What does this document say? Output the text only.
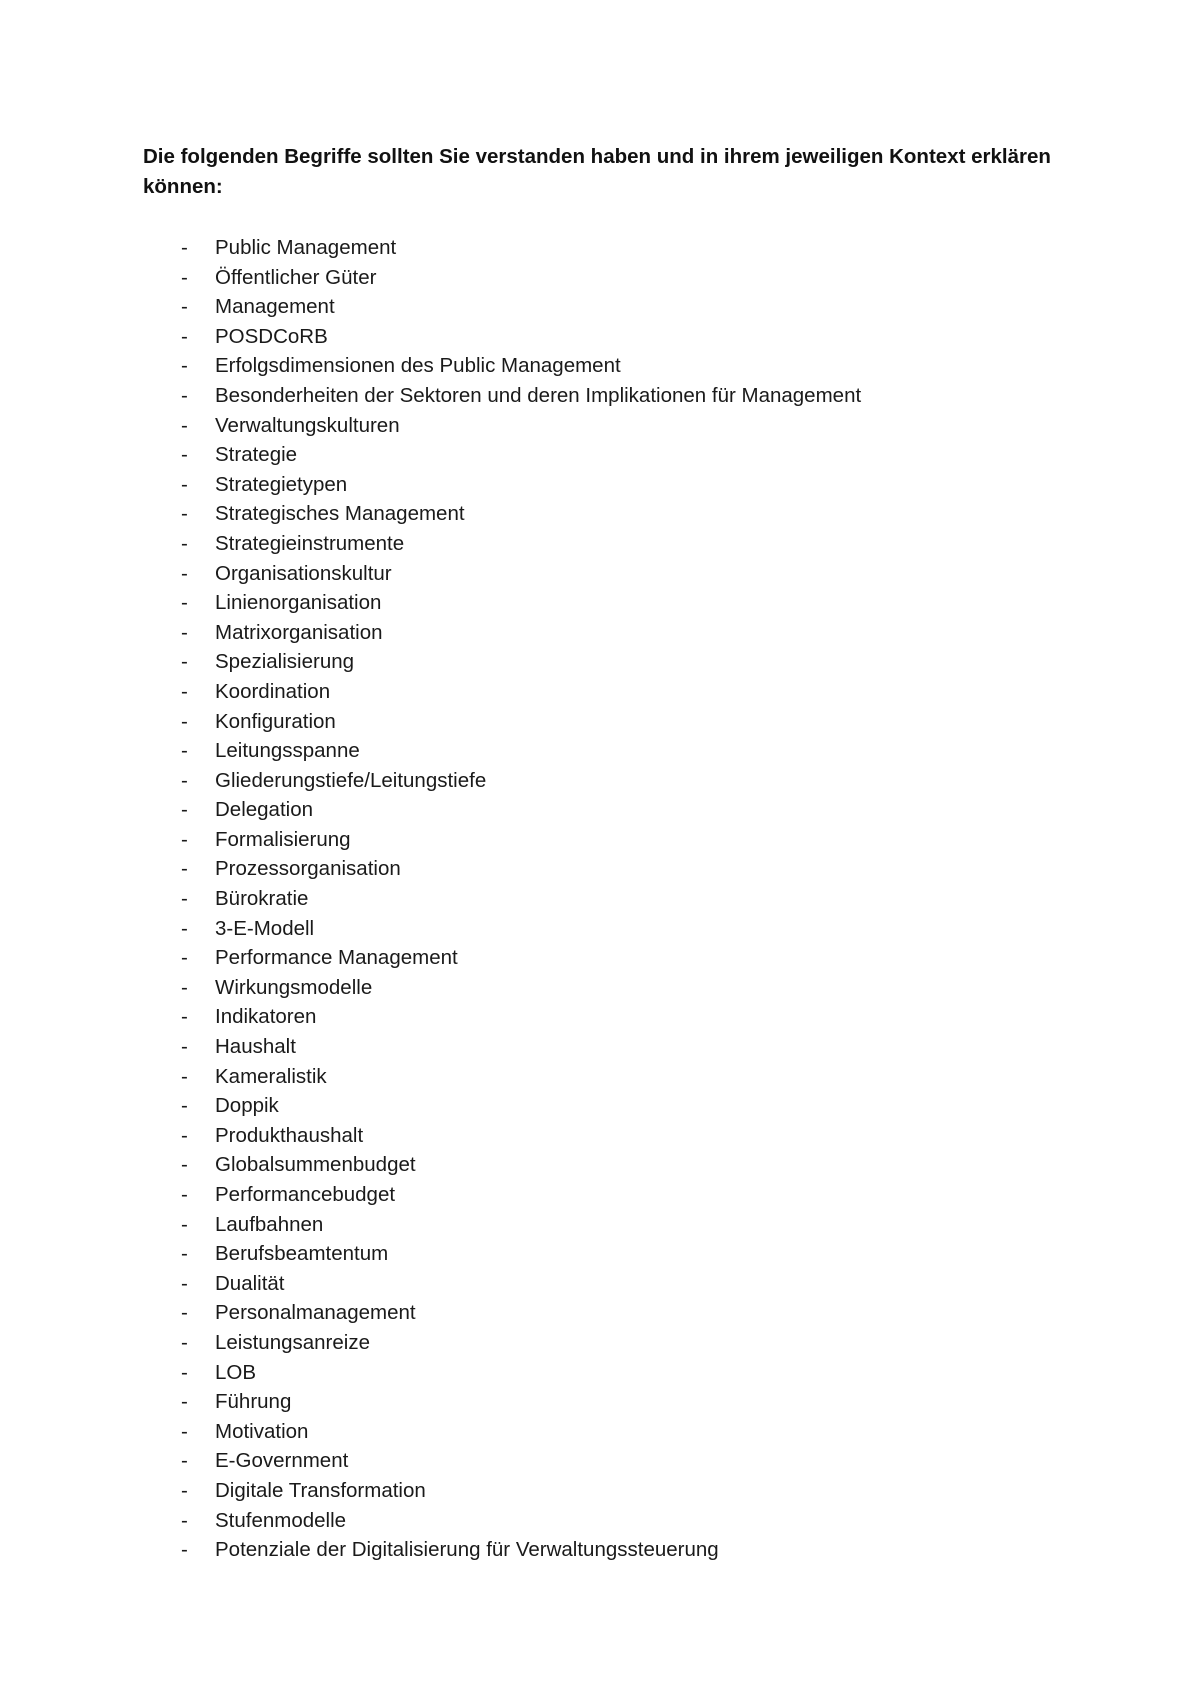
Die folgenden Begriffe sollten Sie verstanden haben und in ihrem jeweiligen Kontext erklären können:

- Public Management
- Öffentlicher Güter
- Management
- POSDCoRB
- Erfolgsdimensionen des Public Management
- Besonderheiten der Sektoren und deren Implikationen für Management
- Verwaltungskulturen
- Strategie
- Strategietypen
- Strategisches Management
- Strategieinstrumente
- Organisationskultur
- Linienorganisation
- Matrixorganisation
- Spezialisierung
- Koordination
- Konfiguration
- Leitungsspanne
- Gliederungstiefe/Leitungstiefe
- Delegation
- Formalisierung
- Prozessorganisation
- Bürokratie
- 3-E-Modell
- Performance Management
- Wirkungsmodelle
- Indikatoren
- Haushalt
- Kameralistik
- Doppik
- Produkthaushalt
- Globalsummenbudget
- Performancebudget
- Laufbahnen
- Berufsbeamtentum
- Dualität
- Personalmanagement
- Leistungsanreize
- LOB
- Führung
- Motivation
- E-Government
- Digitale Transformation
- Stufenmodelle
- Potenziale der Digitalisierung für Verwaltungssteuerung
